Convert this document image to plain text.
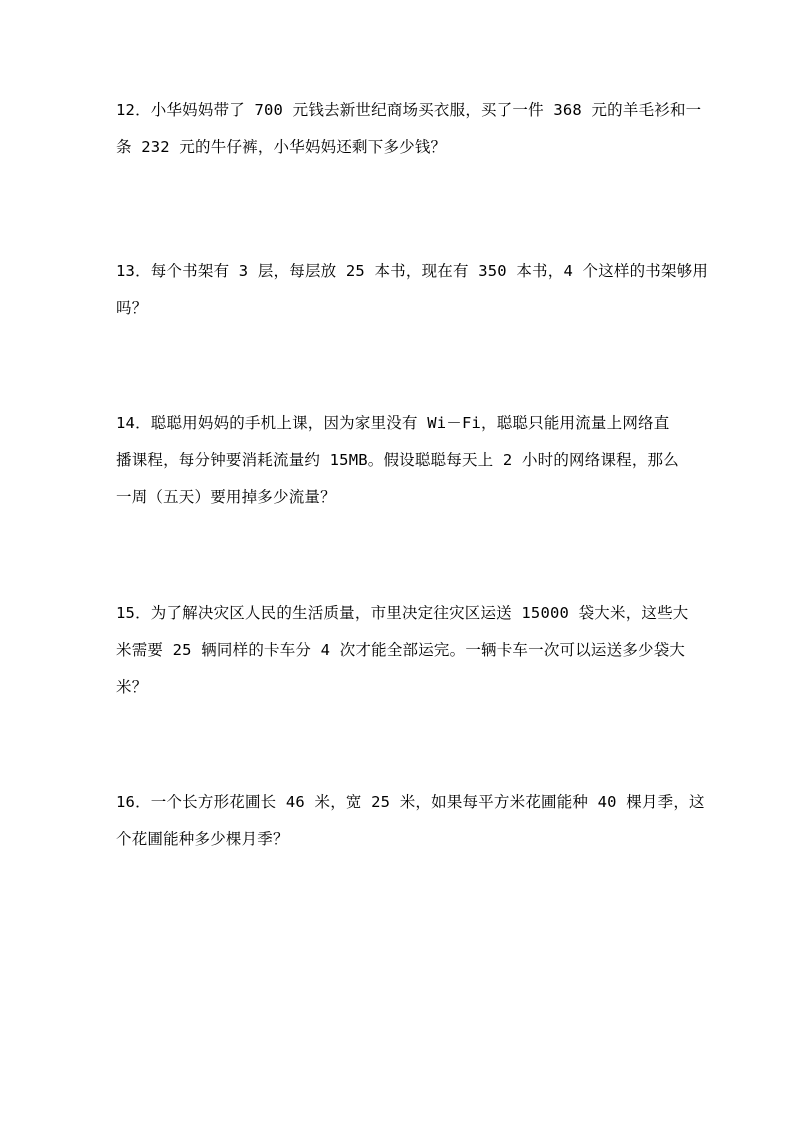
12．小华妈妈带了 700 元钱去新世纪商场买衣服，买了一件 368 元的羊毛衫和一
条 232 元的牛仔裤，小华妈妈还剩下多少钱？
13．每个书架有 3 层，每层放 25 本书，现在有 350 本书，4 个这样的书架够用
吗？
14．聪聪用妈妈的手机上课，因为家里没有 Wi－Fi，聪聪只能用流量上网络直
播课程，每分钟要消耗流量约 15MB。假设聪聪每天上 2 小时的网络课程，那么
一周（五天）要用掉多少流量？
15．为了解决灾区人民的生活质量，市里决定往灾区运送 15000 袋大米，这些大
米需要 25 辆同样的卡车分 4 次才能全部运完。一辆卡车一次可以运送多少袋大
米？
16．一个长方形花圃长 46 米，宽 25 米，如果每平方米花圃能种 40 棵月季，这
个花圃能种多少棵月季？
